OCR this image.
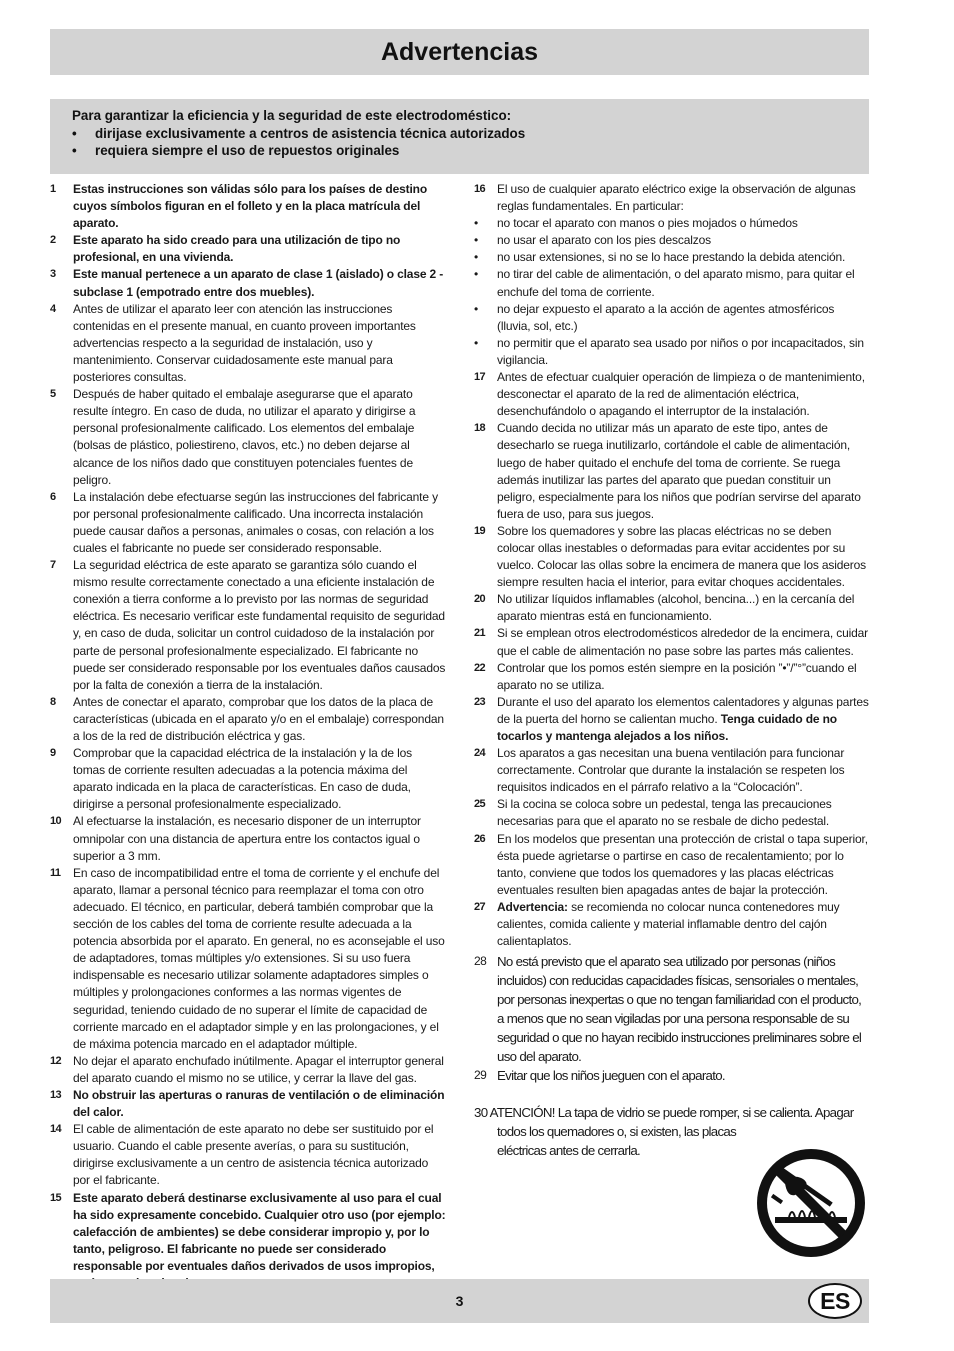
Advertencias
Para garantizar la eficiencia y la seguridad de este electrodoméstico:
•	dirijase exclusivamente a centros de asistencia técnica autorizados
•	requiera siempre el uso de repuestos originales
1	Estas instrucciones son válidas sólo para los países de destino cuyos símbolos figuran en el folleto y en la placa matrícula del aparato.
2	Este aparato ha sido creado para una utilización de tipo no profesional, en una vivienda.
3	Este manual pertenece a un aparato de clase 1 (aislado) o clase 2 - subclase 1 (empotrado entre dos muebles).
4	Antes de utilizar el aparato leer con atención las instrucciones contenidas en el presente manual, en cuanto proveen importantes advertencias respecto a la seguridad de instalación, uso y mantenimiento. Conservar cuidadosamente este manual para posteriores consultas.
5	Después de haber quitado el embalaje asegurarse que el aparato resulte íntegro. En caso de duda, no utilizar el aparato y dirigirse a personal profesionalmente calificado. Los elementos del embalaje (bolsas de plástico, poliestireno, clavos, etc.) no deben dejarse al alcance de los niños dado que constituyen potenciales fuentes de peligro.
6	La instalación debe efectuarse según las instrucciones del fabricante y por personal profesionalmente calificado. Una incorrecta instalación puede causar daños a personas, animales o cosas, con relación a los cuales el fabricante no puede ser considerado responsable.
7	La seguridad eléctrica de este aparato se garantiza sólo cuando el mismo resulte correctamente conectado a una eficiente instalación de conexión a tierra conforme a lo previsto por las normas de seguridad eléctrica. Es necesario verificar este fundamental requisito de seguridad y, en caso de duda, solicitar un control cuidadoso de la instalación por parte de personal profesionalmente especializado. El fabricante no puede ser considerado responsable por los eventuales daños causados por la falta de conexión a tierra de la instalación.
8	Antes de conectar el aparato, comprobar que los datos de la placa de características (ubicada en el aparato y/o en el embalaje) correspondan a los de la red de distribución eléctrica y gas.
9	Comprobar que la capacidad eléctrica de la instalación y la de los tomas de corriente resulten adecuadas a la potencia máxima del aparato indicada en la placa de características. En caso de duda, dirigirse a personal profesionalmente especializado.
10 Al efectuarse la instalación, es necesario disponer de un interruptor omnipolar con una distancia de apertura entre los contactos igual o superior a 3 mm.
11	En caso de incompatibilidad entre el toma de corriente y el enchufe del aparato, llamar a personal técnico para reemplazar el toma con otro adecuado. El técnico, en particular, deberá también comprobar que la sección de los cables del toma de corriente resulte adecuada a la potencia absorbida por el aparato. En general, no es aconsejable el uso de adaptadores, tomas múltiples y/o extensiones. Si su uso fuera indispensable es necesario utilizar solamente adaptadores simples o múltiples y prolongaciones conformes a las normas vigentes de seguridad, teniendo cuidado de no superar el límite de capacidad de corriente marcado en el adaptador simple y en las prolongaciones, y el de máxima potencia marcado en el adaptador múltiple.
12 No dejar el aparato enchufado inútilmente. Apagar el interruptor general del aparato cuando el mismo no se utilice, y cerrar la llave del gas.
13 No obstruir las aperturas o ranuras de ventilación o de eliminación del calor.
14 El cable de alimentación de este aparato no debe ser sustituido por el usuario. Cuando el cable presente averías, o para su sustitución, dirigirse exclusivamente a un centro de asistencia técnica autorizado por el fabricante.
15 Este aparato deberá destinarse exclusivamente al uso para el cual ha sido expresamente concebido. Cualquier otro uso (por ejemplo: calefacción de ambientes) se debe considerar impropio y, por lo tanto, peligroso. El fabricante no puede ser considerado responsable por eventuales daños derivados de usos impropios,
16 El uso de cualquier aparato eléctrico exige la observación de algunas reglas fundamentales. En particular:
•	no tocar el aparato con manos o pies mojados o húmedos
•	no usar el aparato con los pies descalzos
•	no usar extensiones, si no se lo hace prestando la debida atención.
•	no tirar del cable de alimentación, o del aparato mismo, para quitar el enchufe del toma de corriente.
•	no dejar expuesto el aparato a la acción de agentes atmosféricos (lluvia, sol, etc.)
•	no permitir que el aparato sea usado por niños o por incapacitados, sin vigilancia.
17 Antes de efectuar cualquier operación de limpieza o de mantenimiento, desconectar el aparato de la red de alimentación eléctrica, desenchufándolo o apagando el interruptor de la instalación.
18 Cuando decida no utilizar más un aparato de este tipo, antes de desecharlo se ruega inutilizarlo, cortándole el cable de alimentación, luego de haber quitado el enchufe del toma de corriente. Se ruega además inutilizar las partes del aparato que puedan constituir un peligro, especialmente para los niños que podrían servirse del aparato fuera de uso, para sus juegos.
19 Sobre los quemadores y sobre las placas eléctricas no se deben colocar ollas inestables o deformadas para evitar accidentes por su vuelco. Colocar las ollas sobre la encimera de manera que los asideros siempre resulten hacia el interior, para evitar choques accidentales.
20 No utilizar líquidos inflamables (alcohol, bencina...) en la cercanía del aparato mientras está en funcionamiento.
21 Si se emplean otros electrodomésticos alrededor de la encimera, cuidar que el cable de alimentación no pase sobre las partes más calientes.
22 Controlar que los pomos estén siempre en la posición ”•”/”°”cuando el aparato no se utiliza.
23 Durante el uso del aparato los elementos calentadores y algunas partes de la puerta del horno se calientan mucho. Tenga cuidado de no tocarlos y mantenga alejados a los niños.
24 Los aparatos a gas necesitan una buena ventilación para funcionar correctamente. Controlar que durante la instalación se respeten los requisitos indicados en el párrafo relativo a la “Colocación”.
25 Si la cocina se coloca sobre un pedestal, tenga las precauciones necesarias para que el aparato no se resbale de dicho pedestal.
26 En los modelos que presentan una protección de cristal o tapa superior, ésta puede agrietarse o partirse en caso de recalentamiento; por lo tanto, conviene que todos los quemadores y las placas eléctricas eventuales resulten bien apagadas antes de bajar la protección.
27 Advertencia: se recomienda no colocar nunca contenedores muy calientes, comida caliente y material inflamable dentro del cajón calientaplatos.
28 No está previsto que el aparato sea utilizado por personas (niños incluidos) con reducidas capacidades físicas, sensoriales o mentales, por personas inexpertas o que no tengan familiaridad con el producto, a menos que no sean vigiladas por una persona responsable de su seguridad o que no hayan recibido instrucciones preliminares sobre el uso del aparato.
29 Evitar que los niños jueguen con el aparato.
30 ATENCIÓN! La tapa de vidrio se puede romper, si se calienta. Apagar
todos los quemadores o, si existen, las placas
eléctricas antes de cerrarla.
3	ES
